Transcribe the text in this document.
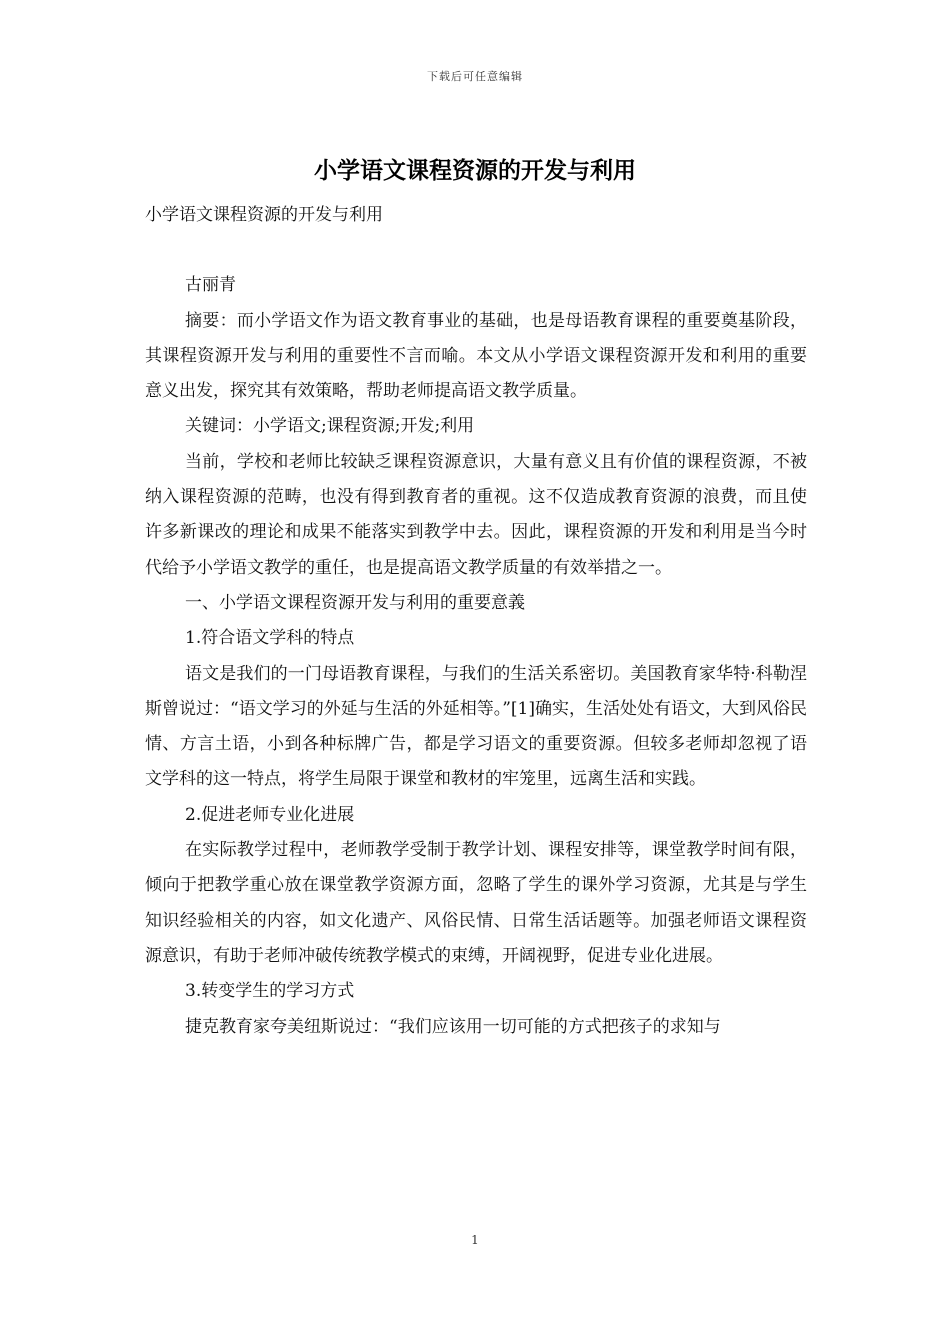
下载后可任意编辑
小学语文课程资源的开发与利用

小学语文课程资源的开发与利用

古丽青

摘要：而小学语文作为语文教育事业的基础，也是母语教育课程的重要奠基阶段，其课程资源开发与利用的重要性不言而喻。本文从小学语文课程资源开发和利用的重要意义出发，探究其有效策略，帮助老师提高语文教学质量。

关键词：小学语文;课程资源;开发;利用

当前，学校和老师比较缺乏课程资源意识，大量有意义且有价值的课程资源，不被纳入课程资源的范畴，也没有得到教育者的重视。这不仅造成教育资源的浪费，而且使许多新课改的理论和成果不能落实到教学中去。因此，课程资源的开发和利用是当今时代给予小学语文教学的重任，也是提高语文教学质量的有效举措之一。

一、小学语文课程资源开发与利用的重要意義

1.符合语文学科的特点

语文是我们的一门母语教育课程，与我们的生活关系密切。美国教育家华特·科勒涅斯曾说过：“语文学习的外延与生活的外延相等。”[1]确实，生活处处有语文，大到风俗民情、方言土语，小到各种标牌广告，都是学习语文的重要资源。但较多老师却忽视了语文学科的这一特点，将学生局限于课堂和教材的牢笼里，远离生活和实践。

2.促进老师专业化进展

在实际教学过程中，老师教学受制于教学计划、课程安排等，课堂教学时间有限，倾向于把教学重心放在课堂教学资源方面，忽略了学生的课外学习资源，尤其是与学生知识经验相关的内容，如文化遗产、风俗民情、日常生活话题等。加强老师语文课程资源意识，有助于老师冲破传统教学模式的束缚，开阔视野，促进专业化进展。

3.转变学生的学习方式

捷克教育家夸美纽斯说过：“我们应该用一切可能的方式把孩子的求知与

1
